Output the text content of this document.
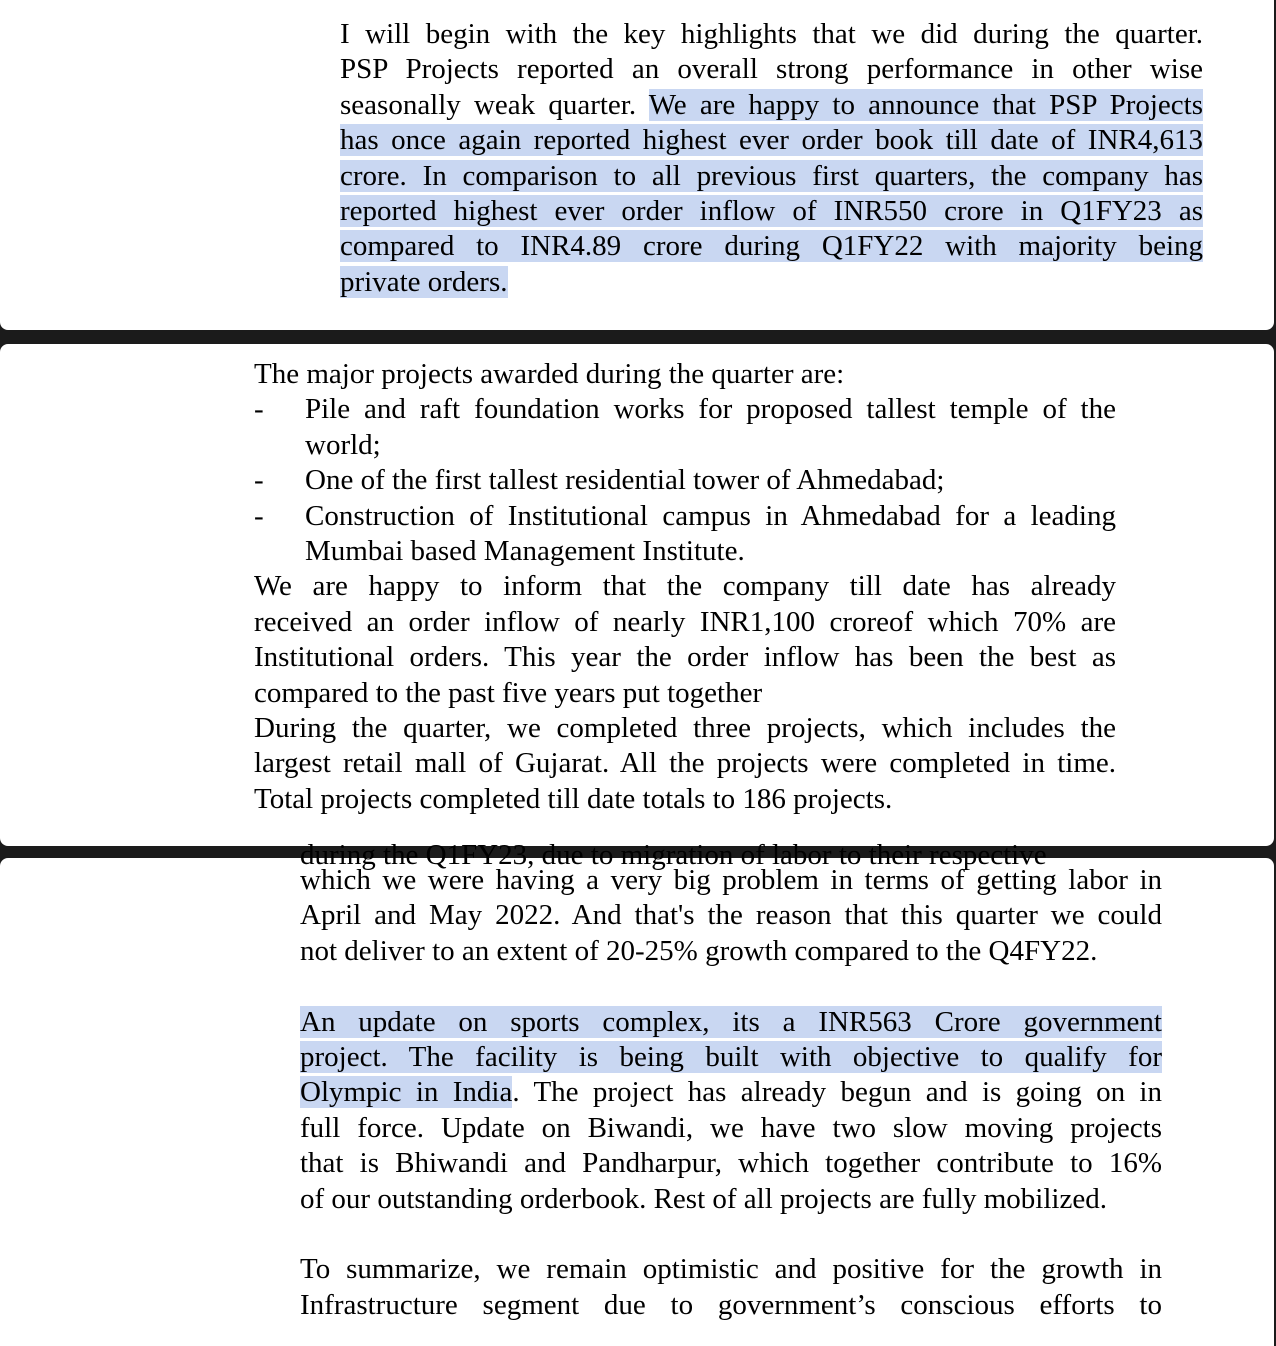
I will begin with the key highlights that we did during the quarter.
PSP Projects reported an overall strong performance in other wise
seasonally weak quarter. We are happy to announce that PSP Projects
has once again reported highest ever order book till date of INR4,613
crore. In comparison to all previous first quarters, the company has
reported highest ever order inflow of INR550 crore in Q1FY23 as
compared to INR4.89 crore during Q1FY22 with majority being
private orders.
The major projects awarded during the quarter are:
-	Pile and raft foundation works for proposed tallest temple of the
world;
-	One of the first tallest residential tower of Ahmedabad;
-	Construction of Institutional campus in Ahmedabad for a leading
Mumbai based Management Institute.
We are happy to inform that the company till date has already
received an order inflow of nearly INR1,100 croreof which 70% are
Institutional orders. This year the order inflow has been the best as
compared to the past five years put together
During the quarter, we completed three projects, which includes the
largest retail mall of Gujarat. All the projects were completed in time.
Total projects completed till date totals to 186 projects.
during the Q1FY23, due to migration of labor to their respective
which we were having a very big problem in terms of getting labor in
April and May 2022. And that's the reason that this quarter we could
not deliver to an extent of 20-25% growth compared to the Q4FY22.
An update on sports complex, its a INR563 Crore government
project. The facility is being built with objective to qualify for
Olympic in India. The project has already begun and is going on in
full force. Update on Biwandi, we have two slow moving projects
that is Bhiwandi and Pandharpur, which together contribute to 16%
of our outstanding orderbook. Rest of all projects are fully mobilized.
To summarize, we remain optimistic and positive for the growth in
Infrastructure segment due to government’s conscious efforts to
